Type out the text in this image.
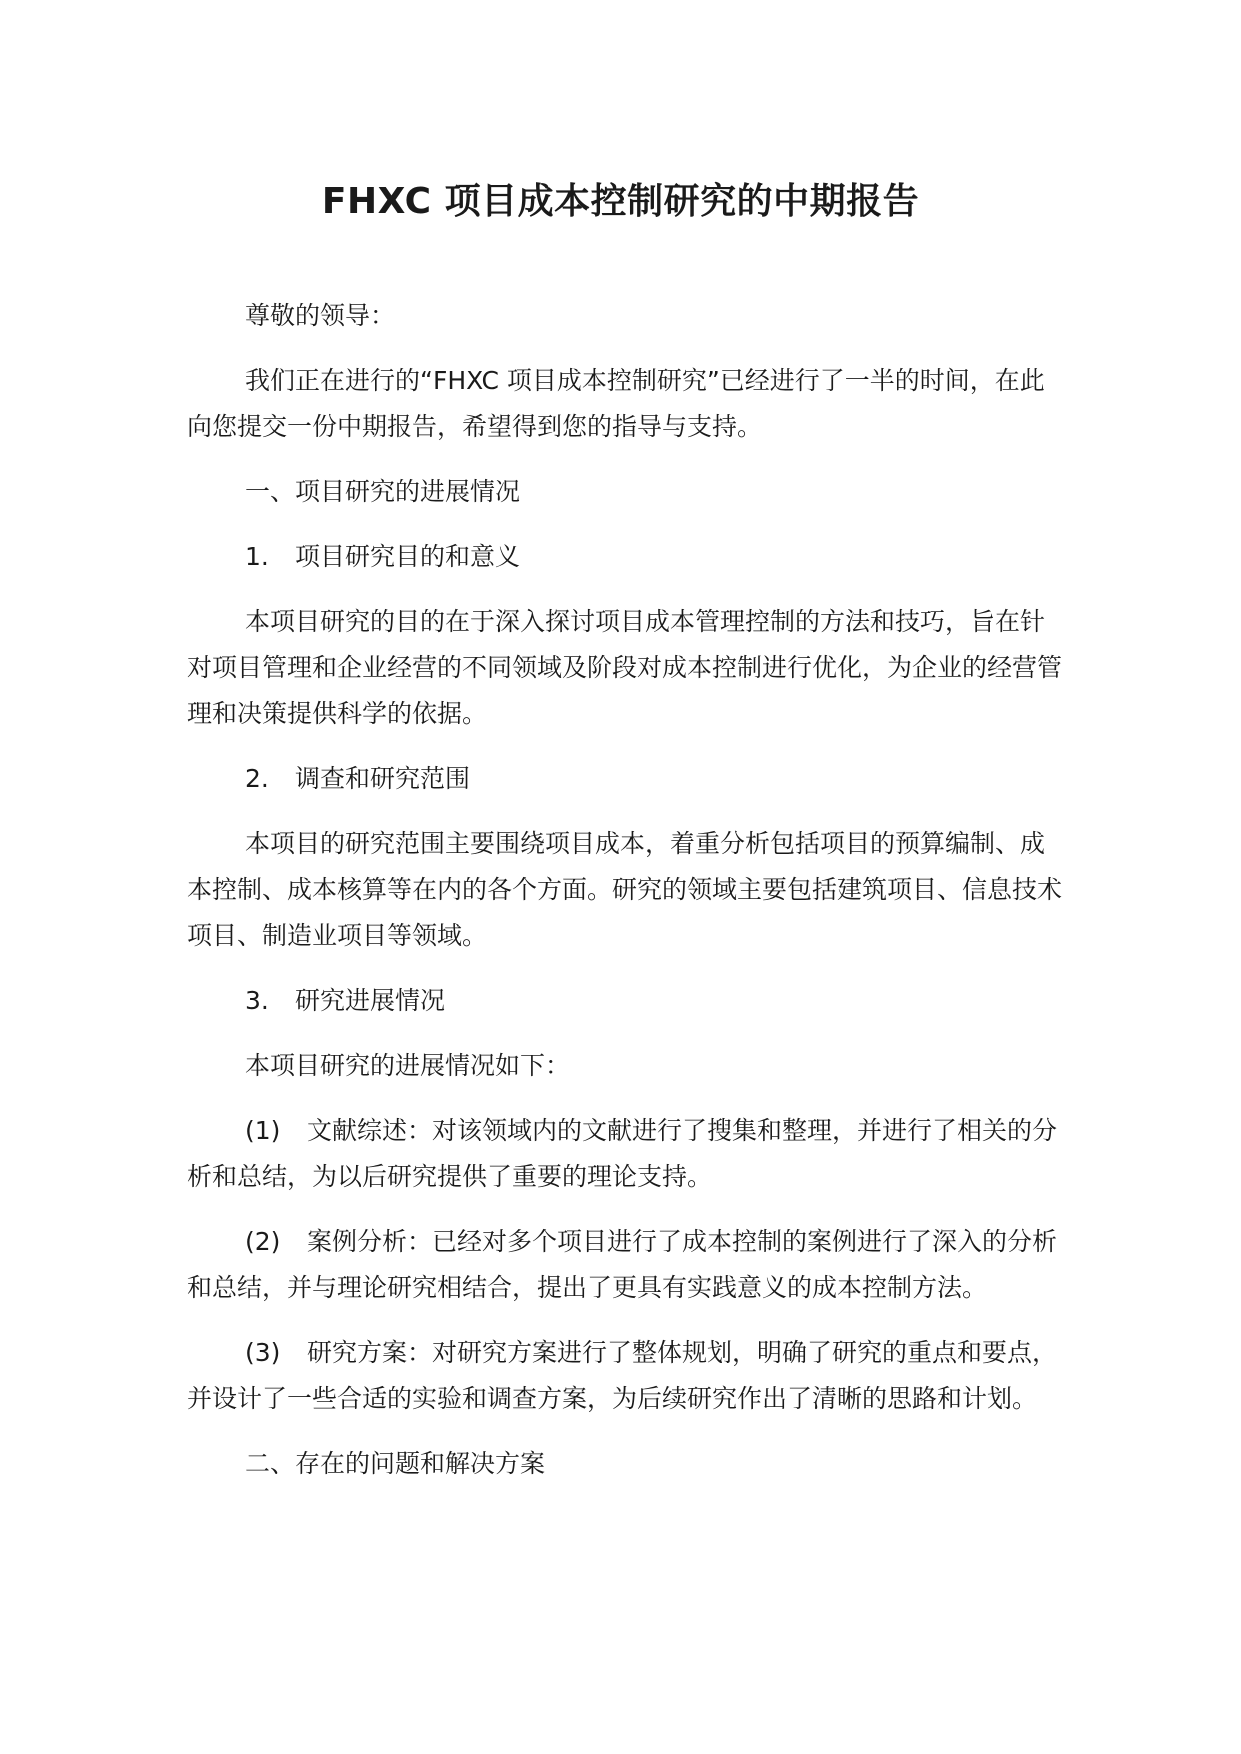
FHXC 项目成本控制研究的中期报告

尊敬的领导：

我们正在进行的“FHXC 项目成本控制研究”已经进行了一半的时间，在此向您提交一份中期报告，希望得到您的指导与支持。

一、项目研究的进展情况

1. 项目研究目的和意义

本项目研究的目的在于深入探讨项目成本管理控制的方法和技巧，旨在针对项目管理和企业经营的不同领域及阶段对成本控制进行优化，为企业的经营管理和决策提供科学的依据。

2. 调查和研究范围

本项目的研究范围主要围绕项目成本，着重分析包括项目的预算编制、成本控制、成本核算等在内的各个方面。研究的领域主要包括建筑项目、信息技术项目、制造业项目等领域。

3. 研究进展情况

本项目研究的进展情况如下：

(1) 文献综述：对该领域内的文献进行了搜集和整理，并进行了相关的分析和总结，为以后研究提供了重要的理论支持。

(2) 案例分析：已经对多个项目进行了成本控制的案例进行了深入的分析和总结，并与理论研究相结合，提出了更具有实践意义的成本控制方法。

(3) 研究方案：对研究方案进行了整体规划，明确了研究的重点和要点，并设计了一些合适的实验和调查方案，为后续研究作出了清晰的思路和计划。

二、存在的问题和解决方案
